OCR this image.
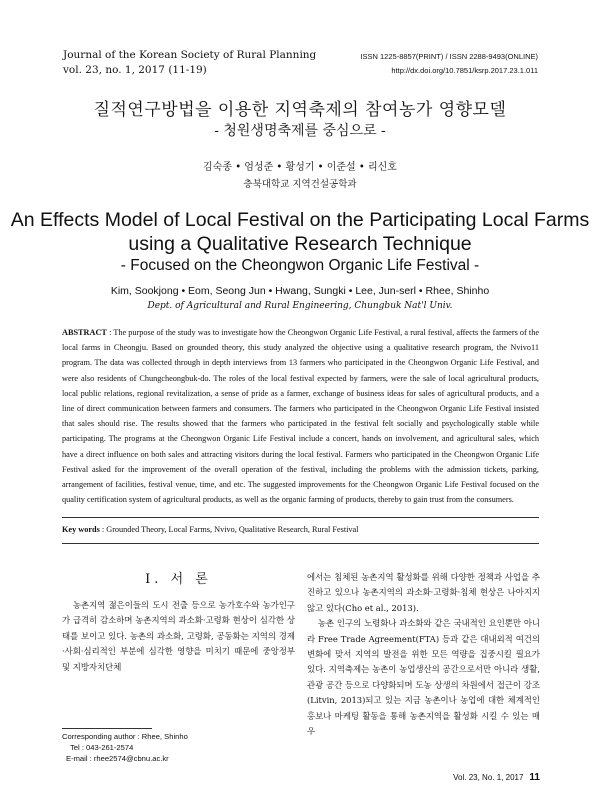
Journal of the Korean Society of Rural Planning
vol. 23, no. 1, 2017 (11-19)
ISSN 1225-8857(PRINT) / ISSN 2288-9493(ONLINE)
http://dx.doi.org/10.7851/ksrp.2017.23.1.011
질적연구방법을 이용한 지역축제의 참여농가 영향모델
- 청원생명축제를 중심으로 -
김숙종 • 엄성준 • 황성기 • 이준설 • 리신호
충북대학교 지역건설공학과
An Effects Model of Local Festival on the Participating Local Farms
using a Qualitative Research Technique
- Focused on the Cheongwon Organic Life Festival -
Kim, Sookjong • Eom, Seong Jun • Hwang, Sungki • Lee, Jun-serl • Rhee, Shinho
Dept. of Agricultural and Rural Engineering, Chungbuk Nat'l Univ.
ABSTRACT : The purpose of the study was to investigate how the Cheongwon Organic Life Festival, a rural festival, affects the farmers of the local farms in Cheongju. Based on grounded theory, this study analyzed the objective using a qualitative research program, the Nvivo11 program. The data was collected through in depth interviews from 13 farmers who participated in the Cheongwon Organic Life Festival, and were also residents of Chungcheongbuk-do. The roles of the local festival expected by farmers, were the sale of local agricultural products, local public relations, regional revitalization, a sense of pride as a farmer, exchange of business ideas for sales of agricultural products, and a line of direct communication between farmers and consumers. The farmers who participated in the Cheongwon Organic Life Festival insisted that sales should rise. The results showed that the farmers who participated in the festival felt socially and psychologically stable while participating. The programs at the Cheongwon Organic Life Festival include a concert, hands on involvement, and agricultural sales, which have a direct influence on both sales and attracting visitors during the local festival. Farmers who participated in the Cheongwon Organic Life Festival asked for the improvement of the overall operation of the festival, including the problems with the admission tickets, parking, arrangement of facilities, festival venue, time, and etc. The suggested improvements for the Cheongwon Organic Life Festival focused on the quality certification system of agricultural products, as well as the organic farming of products, thereby to gain trust from the consumers.
Key words : Grounded Theory, Local Farms, Nvivo, Qualitative Research, Rural Festival
Ⅰ. 서 론

농촌지역 젊은이들의 도시 전출 등으로 농가호수와 농가인구가 급격히 감소하며 농촌지역의 과소화·고령화 현상이 심각한 상태를 보이고 있다. 농촌의 과소화, 고령화, 공동화는 지역의 경제·사회·심리적인 부분에 심각한 영향을 미치기 때문에 중앙정부 및 지방자치단체

에서는 침체된 농촌지역 활성화를 위해 다양한 정책과 사업을 추진하고 있으나 농촌지역의 과소화·고령화·침체 현상은 나아지지 않고 있다(Cho et al., 2013).

농촌 인구의 노령화나 과소화와 같은 국내적인 요인뿐만 아니라 Free Trade Agreement(FTA) 등과 같은 대내외적 여건의 변화에 맞서 지역의 발전을 위한 모든 역량을 집중시킬 필요가 있다. 지역축제는 농촌이 농업생산의 공간으로서만 아니라 생활, 관광 공간 등으로 다양화되며 도농 상생의 차원에서 접근이 강조(Litvin, 2013)되고 있는 지금 농촌이나 농업에 대한 체계적인 홍보나 마케팅 활동을 통해 농촌지역을 활성화 시킬 수 있는 매우

Corresponding author : Rhee, Shinho
Tel : 043-261-2574
E-mail : rhee2574@cbnu.ac.kr
Vol. 23, No. 1, 2017 11
